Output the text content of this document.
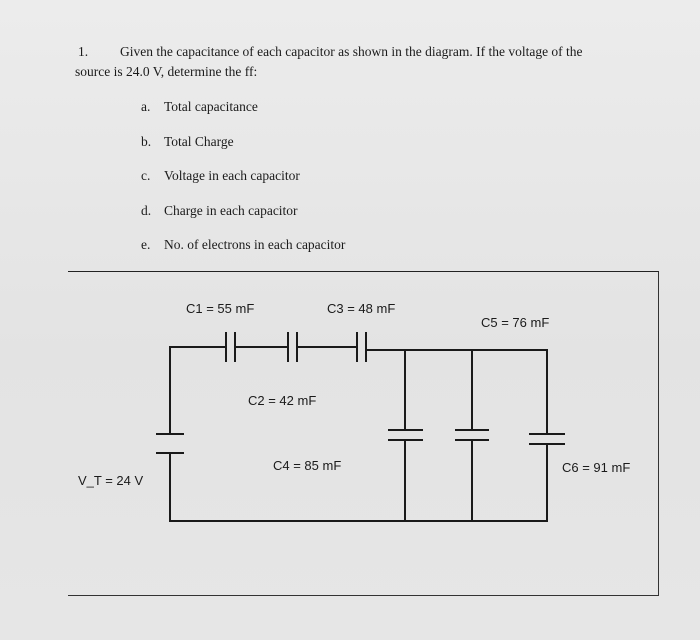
1. Given the capacitance of each capacitor as shown in the diagram. If the voltage of the
source is 24.0 V, determine the ff:
a. Total capacitance
b. Total Charge
c. Voltage in each capacitor
d. Charge in each capacitor
e. No. of electrons in each capacitor
C1 = 55 mF	C3 = 48 mF
C5 = 76 mF
C2 = 42 mF
C4 = 85 mF	C6 = 91 mF
V_T = 24 V
